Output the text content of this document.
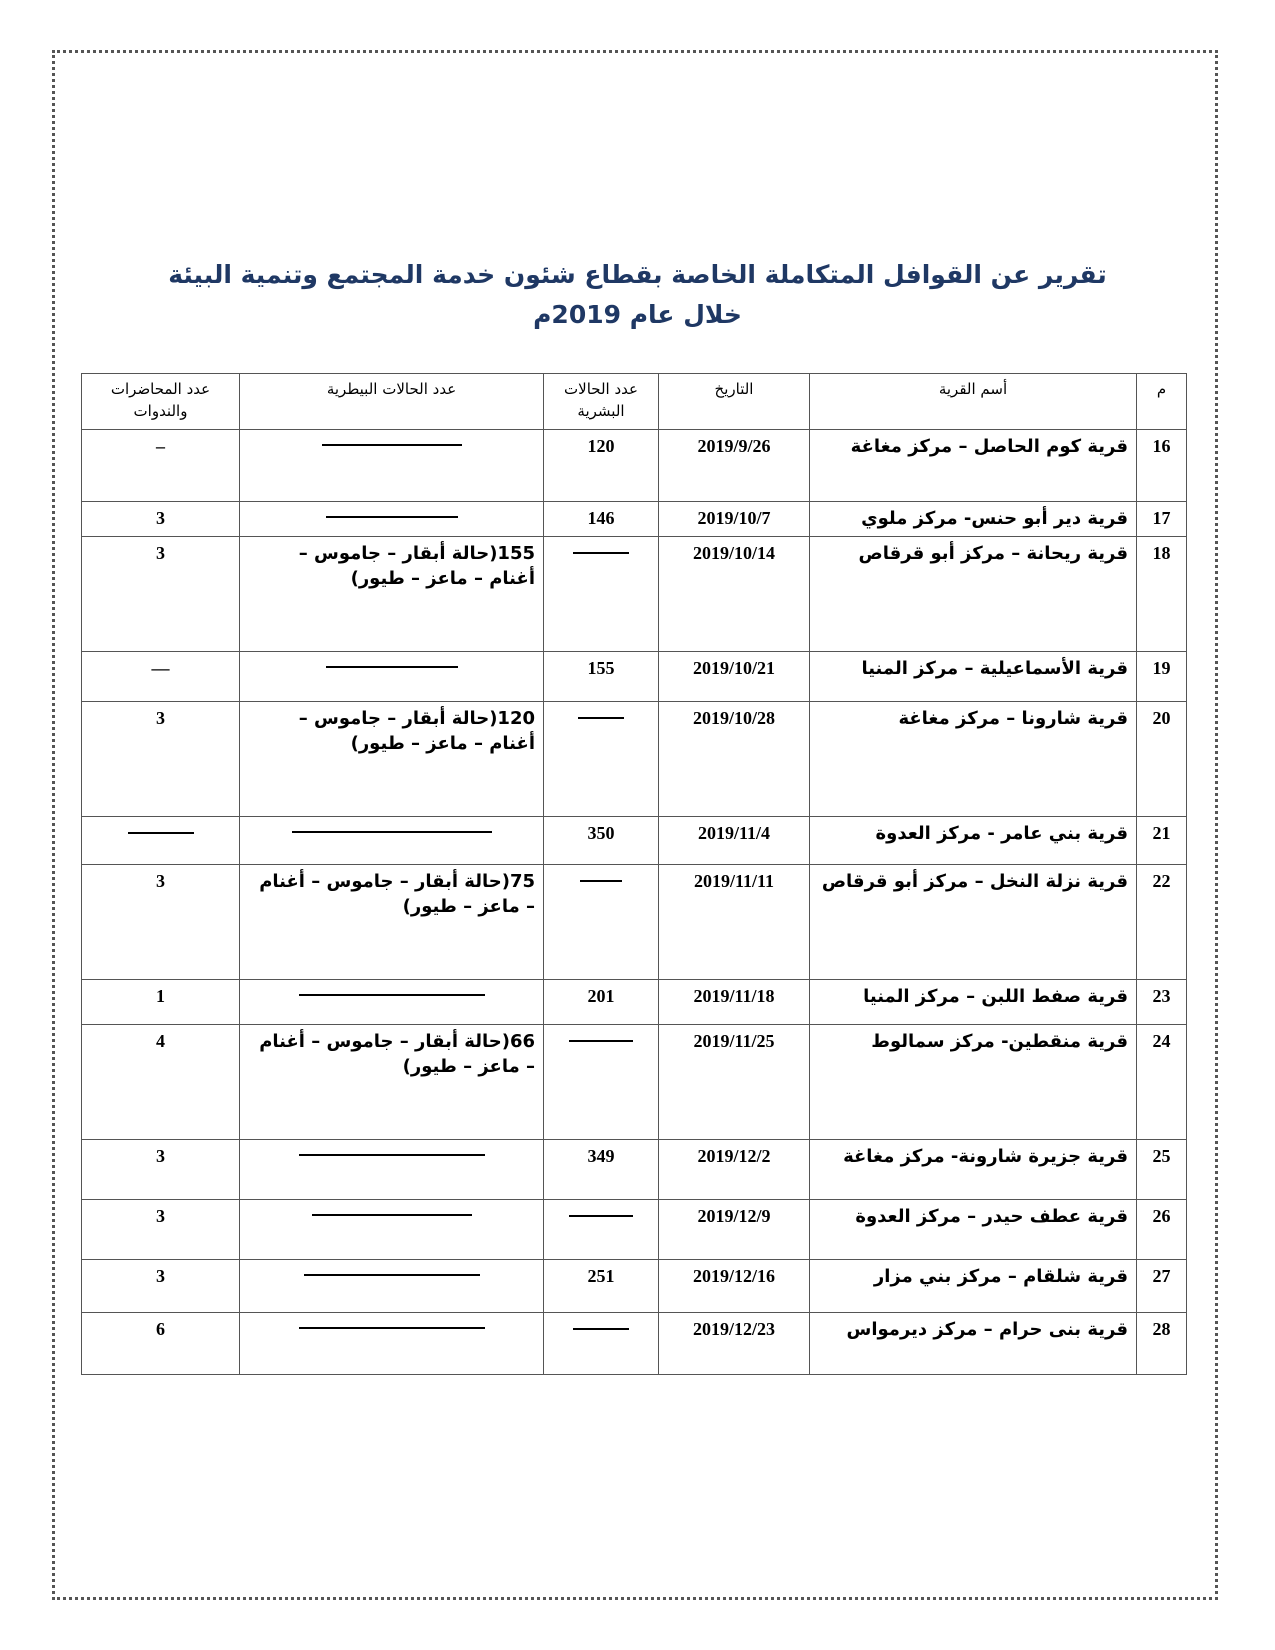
تقرير عن القوافل المتكاملة الخاصة بقطاع شئون خدمة المجتمع وتنمية البيئة
خلال عام 2019م
م	أسم القرية	التاريخ	عدد الحالات البشرية	عدد الحالات البيطرية	عدد المحاضرات والندوات
16	قرية كوم الحاصل – مركز مغاغة	2019/9/26	120		–
17	قرية دير أبو حنس- مركز ملوي	2019/10/7	146		3
18	قرية ريحانة – مركز أبو قرقاص	2019/10/14		155(حالة أبقار – جاموس – أغنام – ماعز – طيور)	3
19	قرية الأسماعيلية – مركز المنيا	2019/10/21	155		—
20	قرية شارونا – مركز مغاغة	2019/10/28		120(حالة أبقار – جاموس – أغنام – ماعز – طيور)	3
21	قرية بني عامر - مركز العدوة	2019/11/4	350		
22	قرية نزلة النخل – مركز أبو قرقاص	2019/11/11		75(حالة أبقار – جاموس – أغنام – ماعز – طيور)	3
23	قرية صفط اللبن – مركز المنيا	2019/11/18	201		1
24	قرية منقطين- مركز سمالوط	2019/11/25		66(حالة أبقار – جاموس – أغنام – ماعز – طيور)	4
25	قرية جزيرة شارونة- مركز مغاغة	2019/12/2	349		3
26	قرية عطف حيدر – مركز العدوة	2019/12/9			3
27	قرية شلقام – مركز بني مزار	2019/12/16	251		3
28	قرية بنى حرام – مركز ديرمواس	2019/12/23			6
